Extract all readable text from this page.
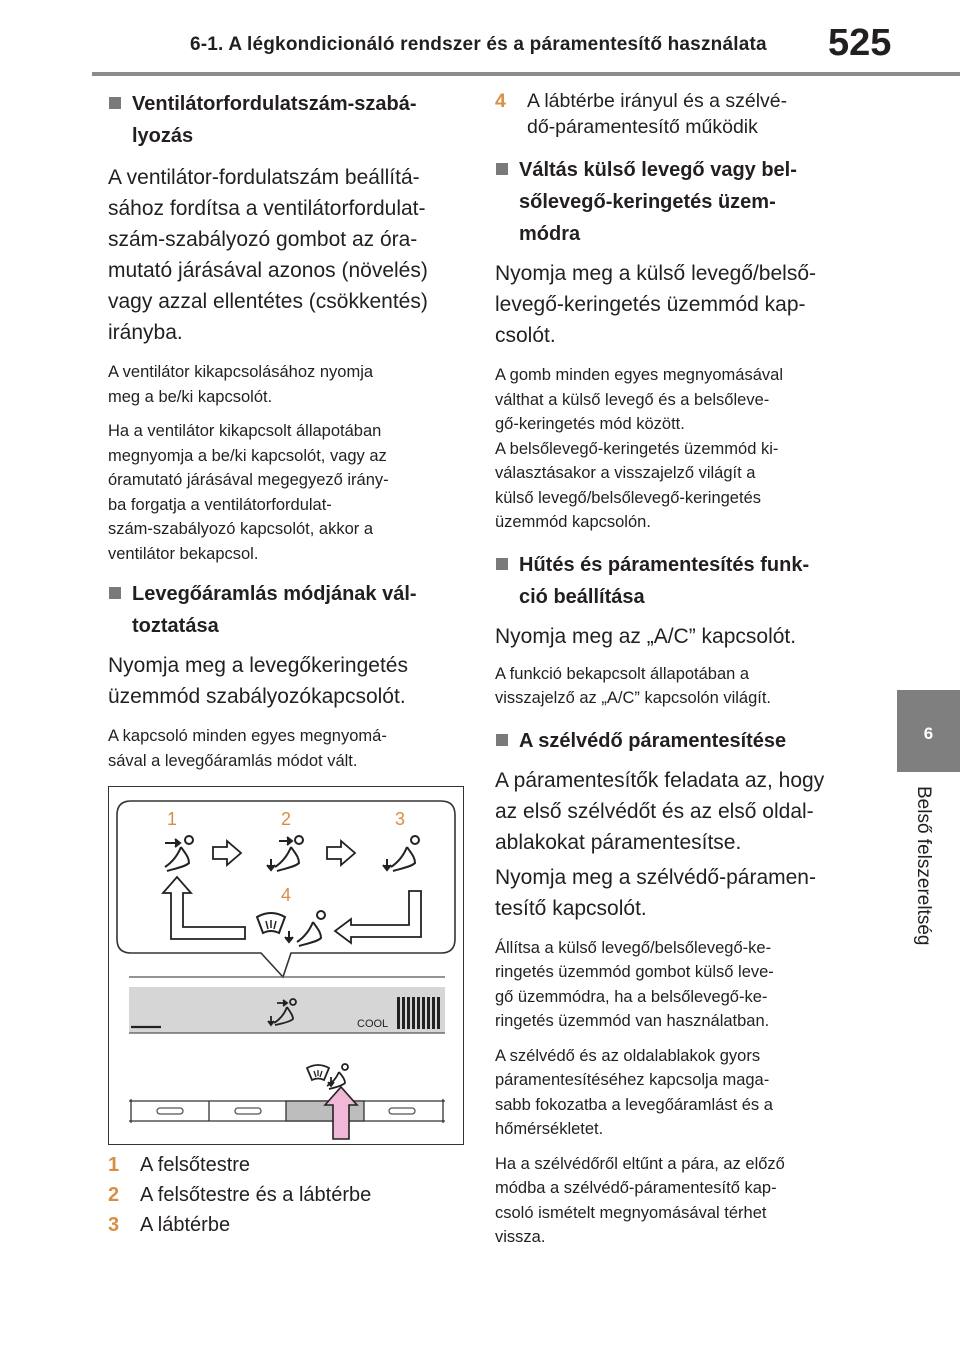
6-1. A légkondicionáló rendszer és a páramentesítő használata 525
6
Belső felszereltség
Ventilátorfordulatszám-szabá-
lyozás
A ventilátor-fordulatszám beállítá-
sához fordítsa a ventilátorfordulat-
szám-szabályozó gombot az óra-
mutató járásával azonos (növelés)
vagy azzal ellentétes (csökkentés)
irányba.
A ventilátor kikapcsolásához nyomja
meg a be/ki kapcsolót.
Ha a ventilátor kikapcsolt állapotában
megnyomja a be/ki kapcsolót, vagy az
óramutató járásával megegyező irány-
ba forgatja a ventilátorfordulat-
szám-szabályozó kapcsolót, akkor a
ventilátor bekapcsol.
Levegőáramlás módjának vál-
toztatása
Nyomja meg a levegőkeringetés
üzemmód szabályozókapcsolót.
A kapcsoló minden egyes megnyomá-
sával a levegőáramlás módot vált.
1	2	3
4
COOL
1 A felsőtestre
2 A felsőtestre és a lábtérbe
3 A lábtérbe
4 A lábtérbe irányul és a szélvé-
dő-páramentesítő működik
Váltás külső levegő vagy bel-
sőlevegő-keringetés üzem-
módra
Nyomja meg a külső levegő/belső-
levegő-keringetés üzemmód kap-
csolót.
A gomb minden egyes megnyomásával
válthat a külső levegő és a belsőleve-
gő-keringetés mód között.
A belsőlevegő-keringetés üzemmód ki-
választásakor a visszajelző világít a
külső levegő/belsőlevegő-keringetés
üzemmód kapcsolón.
Hűtés és páramentesítés funk-
ció beállítása
Nyomja meg az „A/C” kapcsolót.
A funkció bekapcsolt állapotában a
visszajelző az „A/C” kapcsolón világít.
A szélvédő páramentesítése
A páramentesítők feladata az, hogy
az első szélvédőt és az első oldal-
ablakokat páramentesítse.
Nyomja meg a szélvédő-páramen-
tesítő kapcsolót.
Állítsa a külső levegő/belsőlevegő-ke-
ringetés üzemmód gombot külső leve-
gő üzemmódra, ha a belsőlevegő-ke-
ringetés üzemmód van használatban.
A szélvédő és az oldalablakok gyors
páramentesítéséhez kapcsolja maga-
sabb fokozatba a levegőáramlást és a
hőmérsékletet.
Ha a szélvédőről eltűnt a pára, az előző
módba a szélvédő-páramentesítő kap-
csoló ismételt megnyomásával térhet
vissza.
